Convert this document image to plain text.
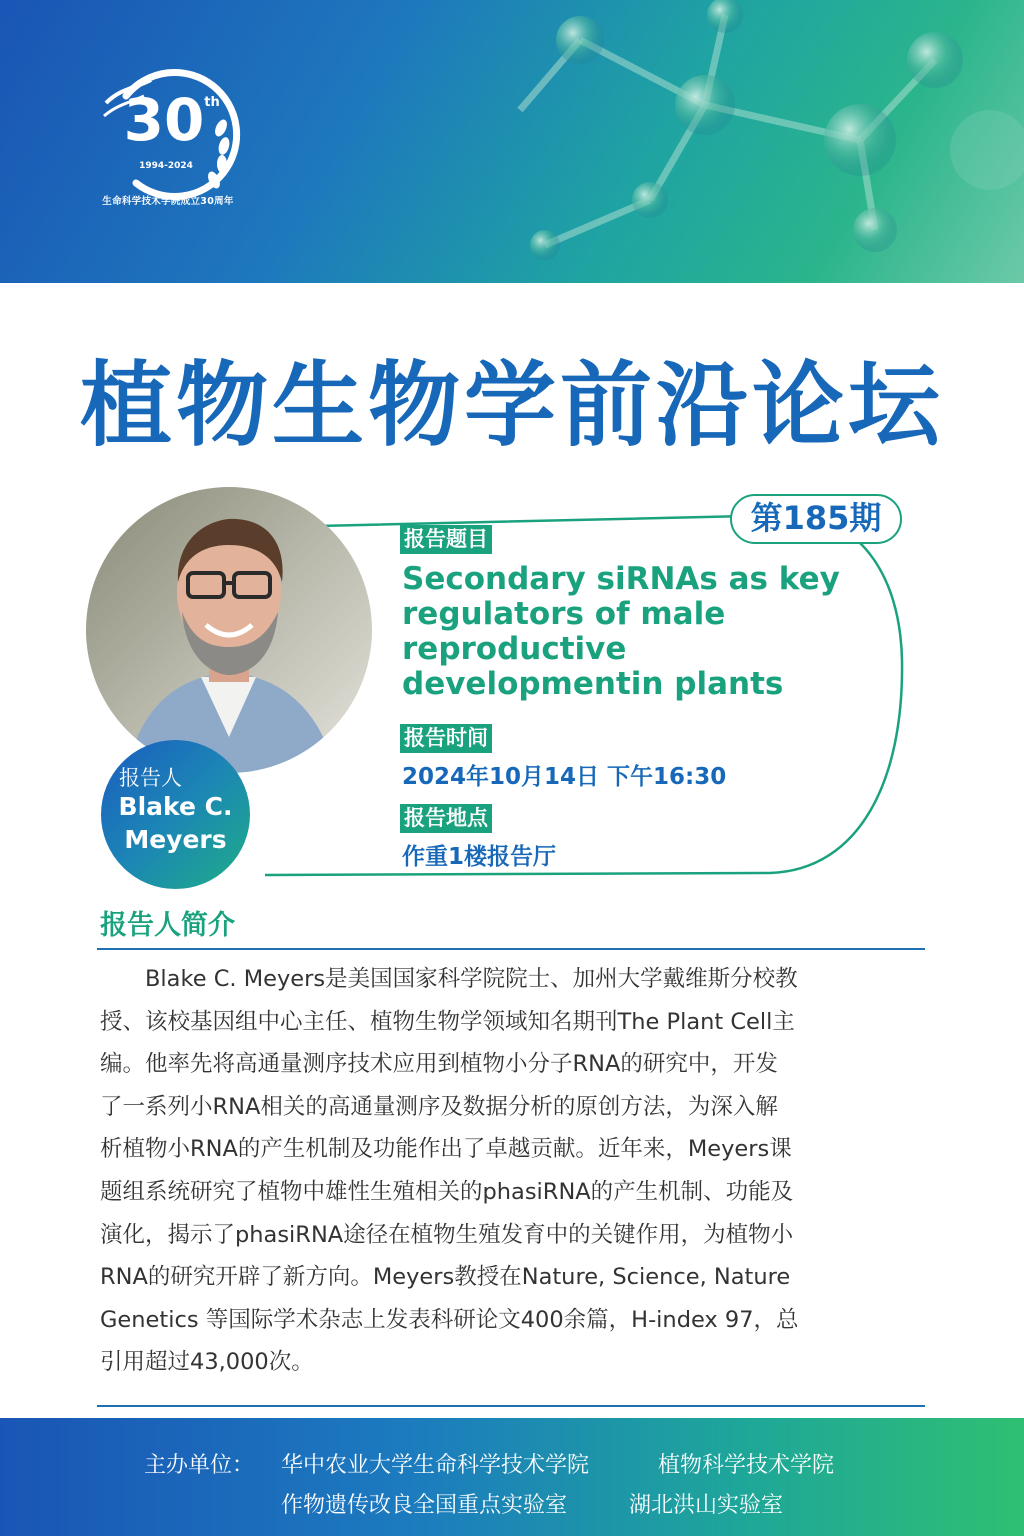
30 th
1994-2024
生命科学技术学院成立30周年
植物生物学前沿论坛
第185期
报告人
Blake C.
Meyers
报告题目
Secondary siRNAs as key
regulators of male
reproductive
developmentin plants
报告时间
2024年10月14日 下午16:30
报告地点
作重1楼报告厅
报告人简介
　　Blake C. Meyers是美国国家科学院院士、加州大学戴维斯分校教
授、该校基因组中心主任、植物生物学领域知名期刊The Plant Cell主
编。他率先将高通量测序技术应用到植物小分子RNA的研究中，开发
了一系列小RNA相关的高通量测序及数据分析的原创方法，为深入解
析植物小RNA的产生机制及功能作出了卓越贡献。近年来，Meyers课
题组系统研究了植物中雄性生殖相关的phasiRNA的产生机制、功能及
演化，揭示了phasiRNA途径在植物生殖发育中的关键作用，为植物小
RNA的研究开辟了新方向。Meyers教授在Nature, Science, Nature
Genetics 等国际学术杂志上发表科研论文400余篇，H-index 97，总
引用超过43,000次。
主办单位： 华中农业大学生命科学技术学院	植物科学技术学院
作物遗传改良全国重点实验室	湖北洪山实验室
